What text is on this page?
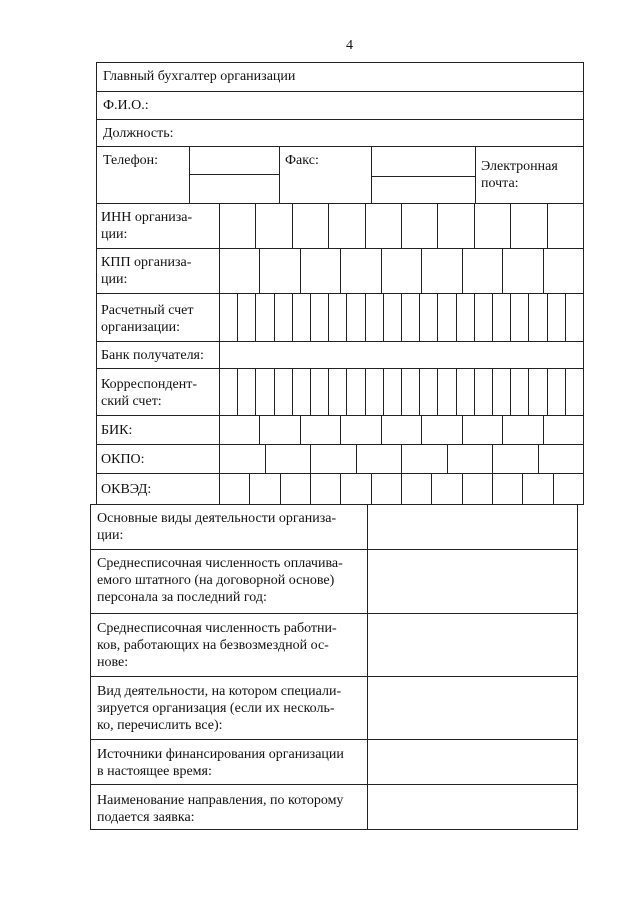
4
Главный бухгалтер организации
Ф.И.О.:
Должность:
Телефон:	Факс:	Электронная
почта:
ИНН организа-
ции:
КПП организа-
ции:
Расчетный счет
организации:
Банк получателя:
Корреспондент-
ский счет:
БИК:
ОКПО:
ОКВЭД:
Основные виды деятельности организа-
ции:
Среднесписочная численность оплачива-
емого штатного (на договорной основе)
персонала за последний год:
Среднесписочная численность работни-
ков, работающих на безвозмездной ос-
нове:
Вид деятельности, на котором специали-
зируется организация (если их несколь-
ко, перечислить все):
Источники финансирования организации
в настоящее время:
Наименование направления, по которому
подается заявка:
